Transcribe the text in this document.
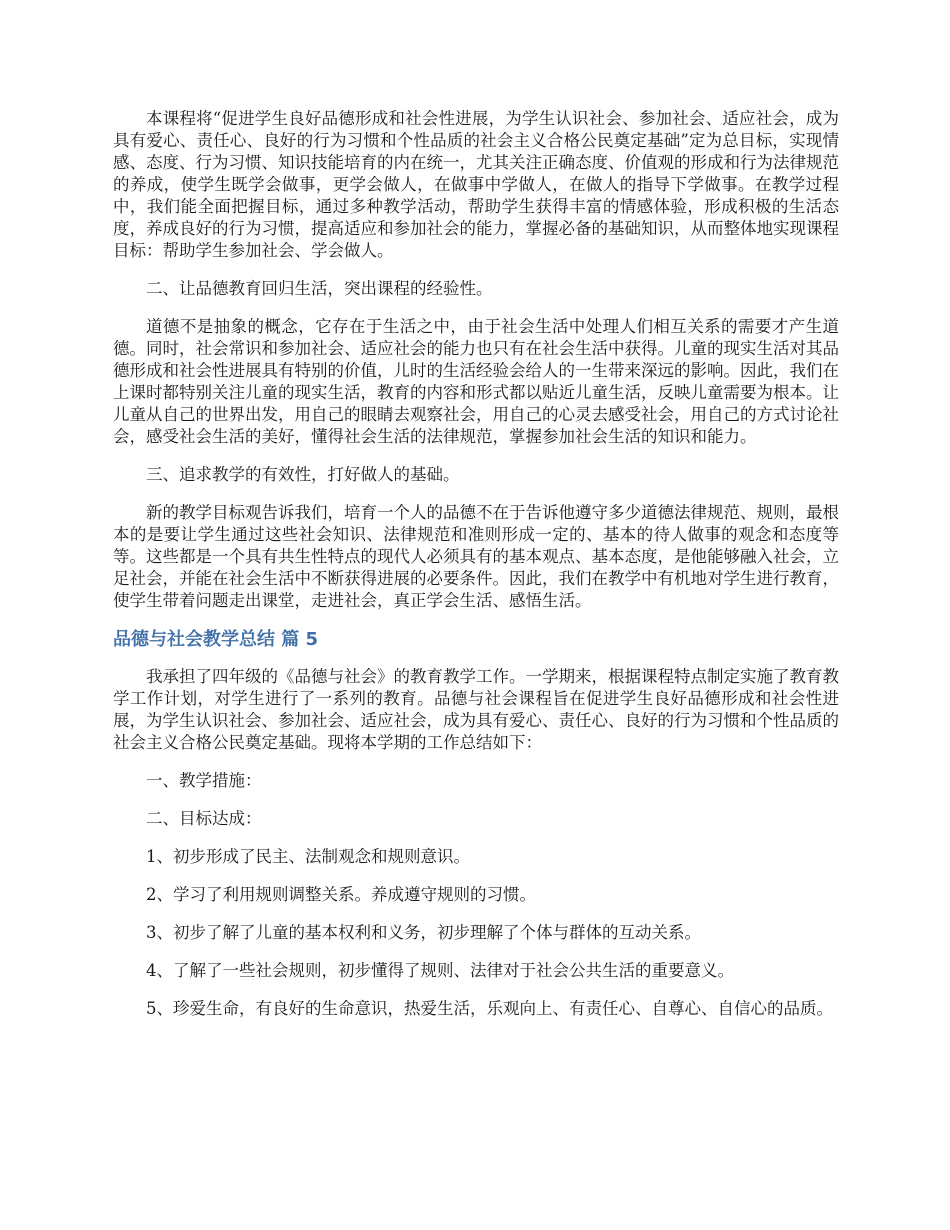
本课程将“促进学生良好品德形成和社会性进展，为学生认识社会、参加社会、适应社会，成为具有爱心、责任心、良好的行为习惯和个性品质的社会主义合格公民奠定基础”定为总目标，实现情感、态度、行为习惯、知识技能培育的内在统一，尤其关注正确态度、价值观的形成和行为法律规范的养成，使学生既学会做事，更学会做人，在做事中学做人，在做人的指导下学做事。在教学过程中，我们能全面把握目标，通过多种教学活动，帮助学生获得丰富的情感体验，形成积极的生活态度，养成良好的行为习惯，提高适应和参加社会的能力，掌握必备的基础知识，从而整体地实现课程目标：帮助学生参加社会、学会做人。

二、让品德教育回归生活，突出课程的经验性。

道德不是抽象的概念，它存在于生活之中，由于社会生活中处理人们相互关系的需要才产生道德。同时，社会常识和参加社会、适应社会的能力也只有在社会生活中获得。儿童的现实生活对其品德形成和社会性进展具有特别的价值，儿时的生活经验会给人的一生带来深远的影响。因此，我们在上课时都特别关注儿童的现实生活，教育的内容和形式都以贴近儿童生活，反映儿童需要为根本。让儿童从自己的世界出发，用自己的眼睛去观察社会，用自己的心灵去感受社会，用自己的方式讨论社会，感受社会生活的美好，懂得社会生活的法律规范，掌握参加社会生活的知识和能力。

三、追求教学的有效性，打好做人的基础。

新的教学目标观告诉我们，培育一个人的品德不在于告诉他遵守多少道德法律规范、规则，最根本的是要让学生通过这些社会知识、法律规范和准则形成一定的、基本的待人做事的观念和态度等等。这些都是一个具有共生性特点的现代人必须具有的基本观点、基本态度，是他能够融入社会，立足社会，并能在社会生活中不断获得进展的必要条件。因此，我们在教学中有机地对学生进行教育，使学生带着问题走出课堂，走进社会，真正学会生活、感悟生活。

品德与社会教学总结 篇 5

我承担了四年级的《品德与社会》的教育教学工作。一学期来，根据课程特点制定实施了教育教学工作计划，对学生进行了一系列的教育。品德与社会课程旨在促进学生良好品德形成和社会性进展，为学生认识社会、参加社会、适应社会，成为具有爱心、责任心、良好的行为习惯和个性品质的社会主义合格公民奠定基础。现将本学期的工作总结如下：

一、教学措施：

二、目标达成：

1、初步形成了民主、法制观念和规则意识。

2、学习了利用规则调整关系。养成遵守规则的习惯。

3、初步了解了儿童的基本权利和义务，初步理解了个体与群体的互动关系。

4、了解了一些社会规则，初步懂得了规则、法律对于社会公共生活的重要意义。

5、珍爱生命，有良好的生命意识，热爱生活，乐观向上、有责任心、自尊心、自信心的品质。
